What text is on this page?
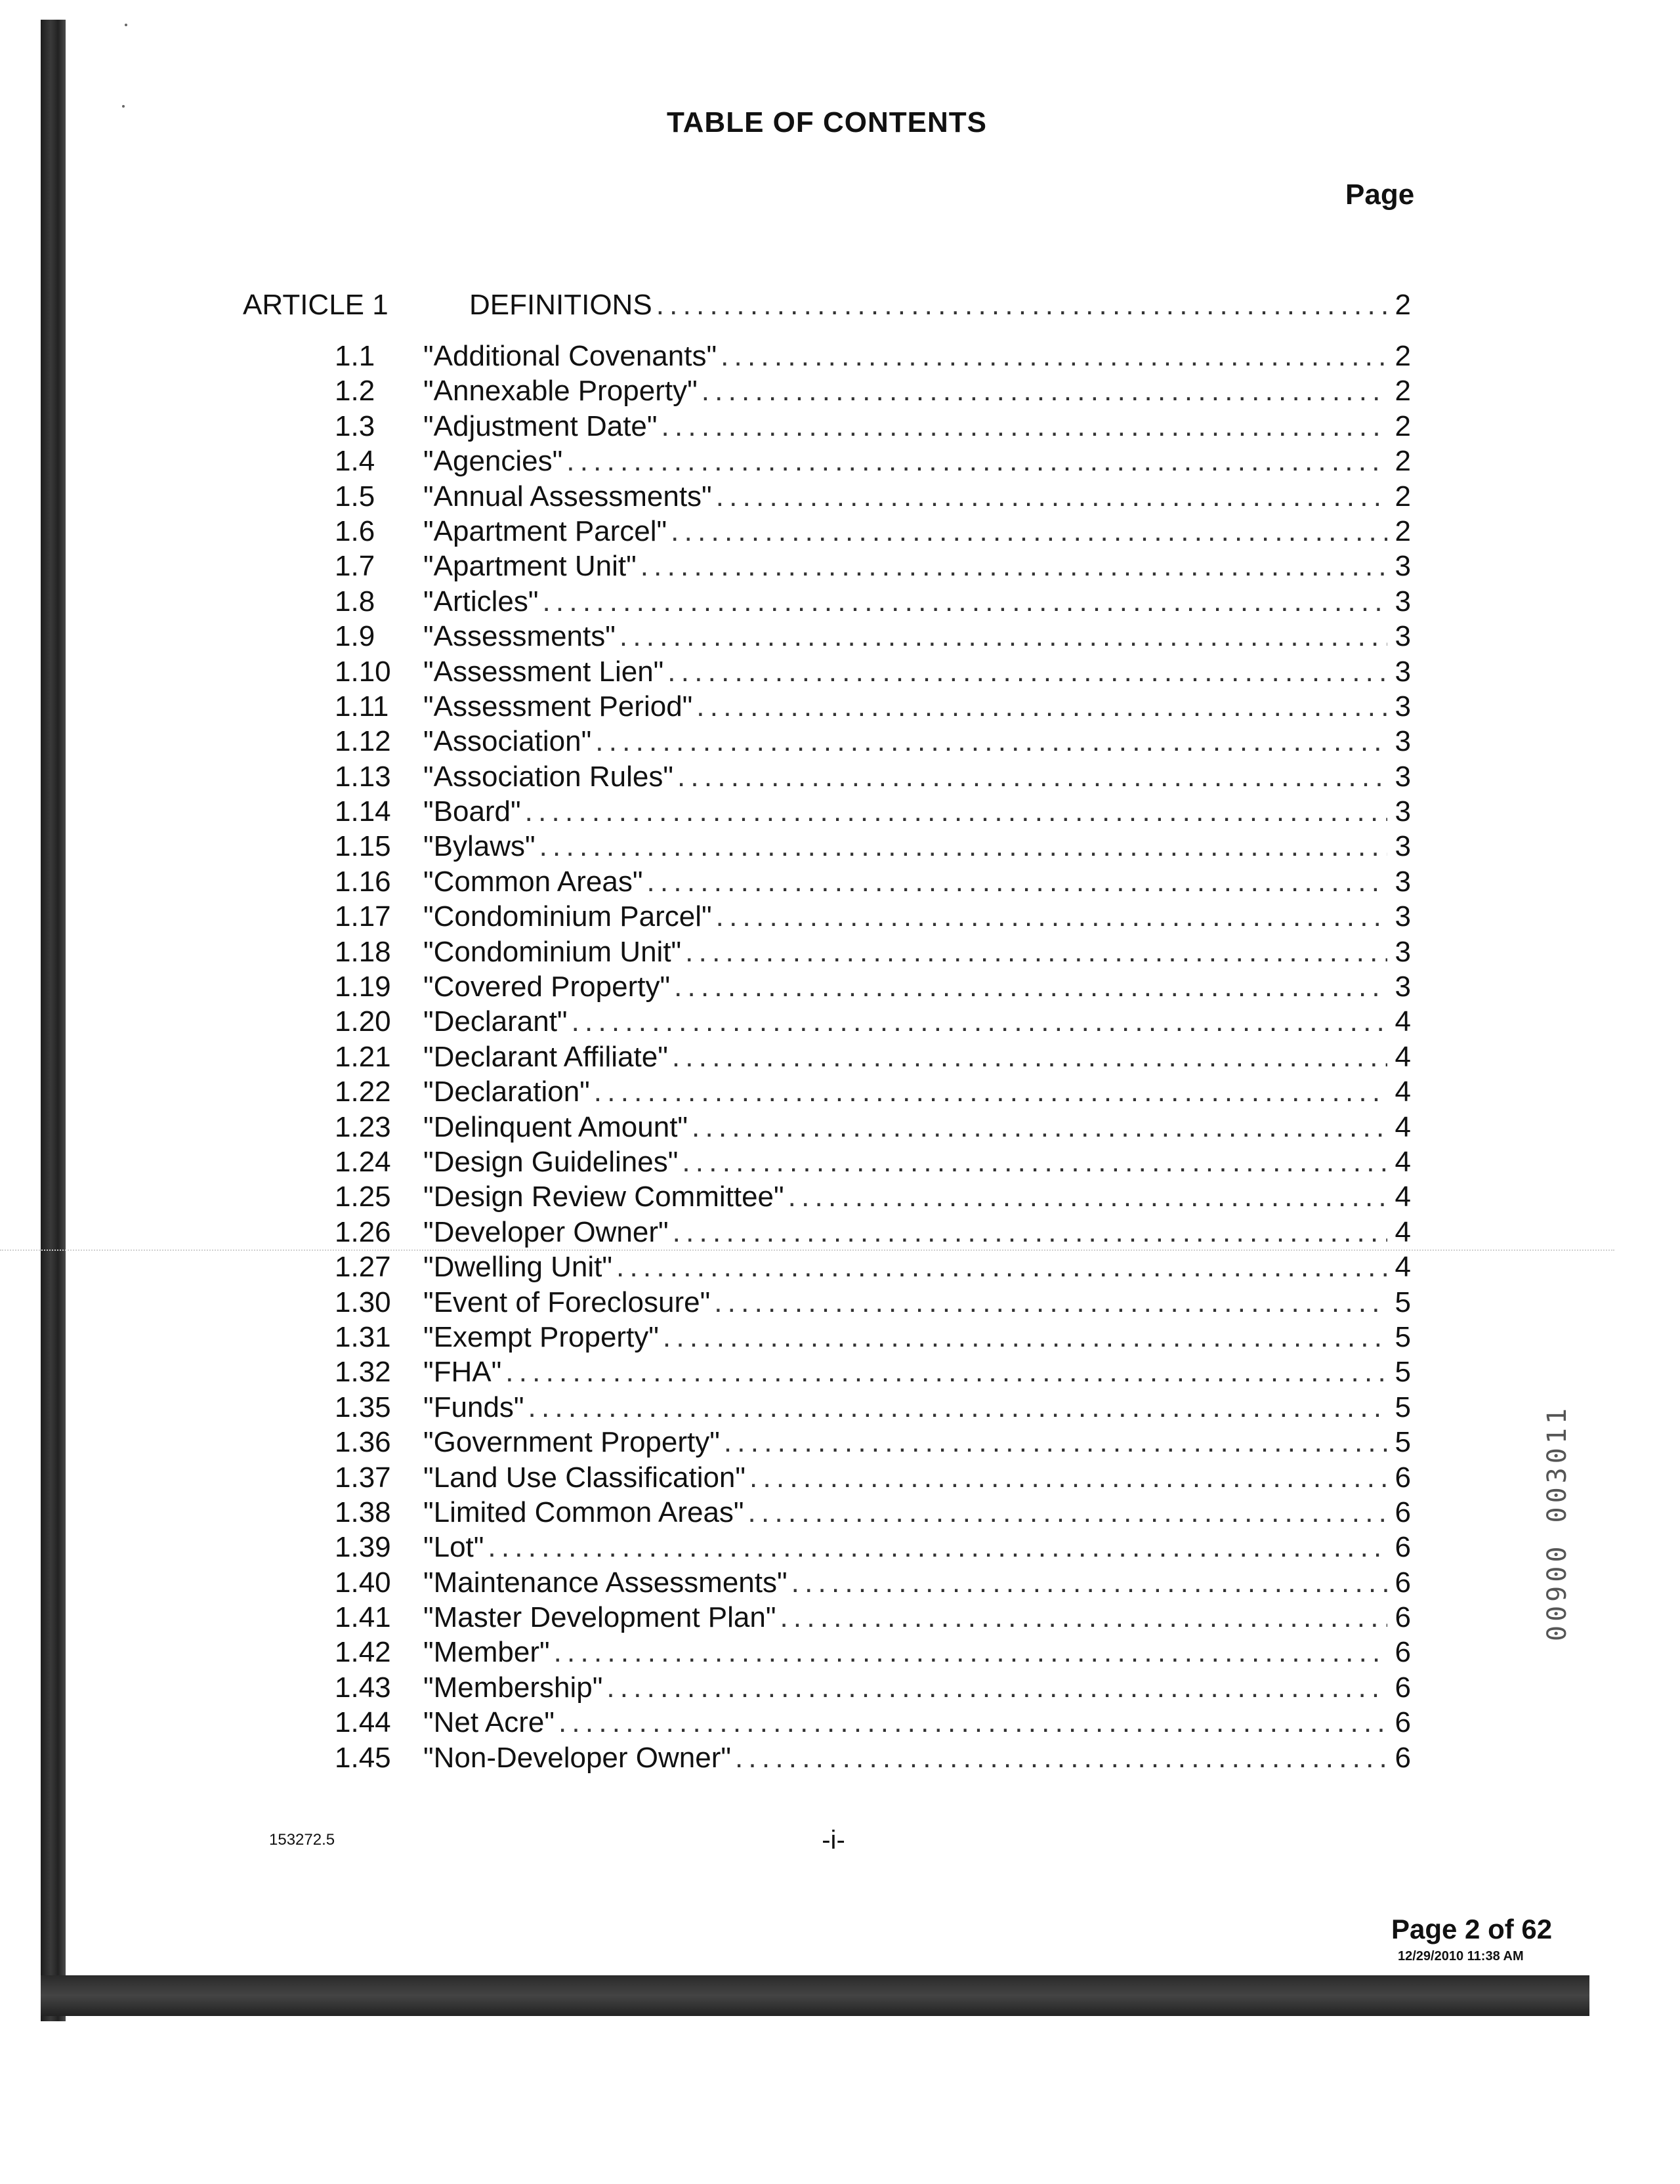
TABLE OF CONTENTS
Page
ARTICLE 1	DEFINITIONS . . .	2
1.1	"Additional Covenants" . . .	2
1.2	"Annexable Property" . . .	2
1.3	"Adjustment Date" . . .	2
1.4	"Agencies" . . .	2
1.5	"Annual Assessments" . . .	2
1.6	"Apartment Parcel" . . .	2
1.7	"Apartment Unit" . . .	3
1.8	"Articles" . . .	3
1.9	"Assessments" . . .	3
1.10	"Assessment Lien" . . .	3
1.11	"Assessment Period" . . .	3
1.12	"Association" . . .	3
1.13	"Association Rules" . . .	3
1.14	"Board" . . .	3
1.15	"Bylaws" . . .	3
1.16	"Common Areas" . . .	3
1.17	"Condominium Parcel" . . .	3
1.18	"Condominium Unit" . . .	3
1.19	"Covered Property" . . .	3
1.20	"Declarant" . . .	4
1.21	"Declarant Affiliate" . . .	4
1.22	"Declaration" . . .	4
1.23	"Delinquent Amount" . . .	4
1.24	"Design Guidelines" . . .	4
1.25	"Design Review Committee" . . .	4
1.26	"Developer Owner" . . .	4
1.27	"Dwelling Unit" . . .	4
1.30	"Event of Foreclosure" . . .	5
1.31	"Exempt Property" . . .	5
1.32	"FHA" . . .	5
1.35	"Funds" . . .	5
1.36	"Government Property" . . .	5
1.37	"Land Use Classification" . . .	6
1.38	"Limited Common Areas" . . .	6
1.39	"Lot" . . .	6
1.40	"Maintenance Assessments" . . .	6
1.41	"Master Development Plan" . . .	6
1.42	"Member" . . .	6
1.43	"Membership" . . .	6
1.44	"Net Acre" . . .	6
1.45	"Non-Developer Owner" . . .	6
153272.5	-i-
00900 003011
Page 2 of 62
12/29/2010 11:38 AM
